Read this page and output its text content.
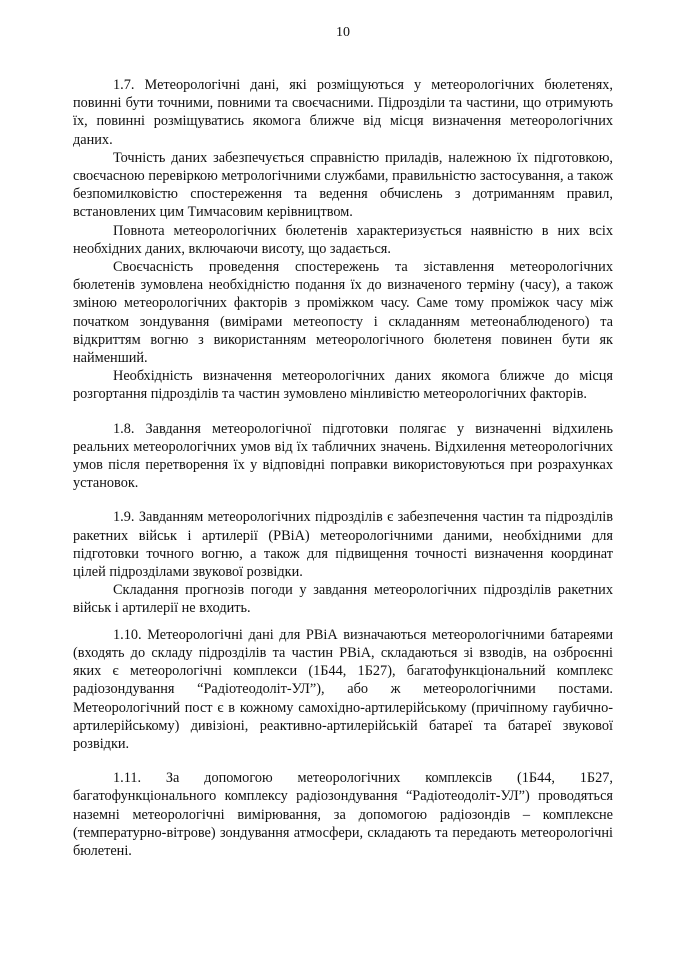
10

1.7. Метеорологічні дані, які розміщуються у метеорологічних бюлетенях, повинні бути точними, повними та своєчасними. Підрозділи та частини, що отримують їх, повинні розміщуватись якомога ближче від місця визначення метеорологічних даних.

Точність даних забезпечується справністю приладів, належною їх підготовкою, своєчасною перевіркою метрологічними службами, правильністю застосування, а також безпомилковістю спостереження та ведення обчислень з дотриманням правил, встановлених цим Тимчасовим керівництвом.

Повнота метеорологічних бюлетенів характеризується наявністю в них всіх необхідних даних, включаючи висоту, що задається.

Своєчасність проведення спостережень та зіставлення метеорологічних бюлетенів зумовлена необхідністю подання їх до визначеного терміну (часу), а також зміною метеорологічних факторів з проміжком часу. Саме тому проміжок часу між початком зондування (вимірами метеопосту і складанням метеонаблюденого) та відкриттям вогню з використанням метеорологічного бюлетеня повинен бути як найменший.

Необхідність визначення метеорологічних даних якомога ближче до місця розгортання підрозділів та частин зумовлено мінливістю метеорологічних факторів.

1.8. Завдання метеорологічної підготовки полягає у визначенні відхилень реальних метеорологічних умов від їх табличних значень. Відхилення метеорологічних умов після перетворення їх у відповідні поправки використовуються при розрахунках установок.

1.9. Завданням метеорологічних підрозділів є забезпечення частин та підрозділів ракетних військ і артилерії (РВіА) метеорологічними даними, необхідними для підготовки точного вогню, а також для підвищення точності визначення координат цілей підрозділами звукової розвідки.

Складання прогнозів погоди у завдання метеорологічних підрозділів ракетних військ і артилерії не входить.

1.10. Метеорологічні дані для РВіА визначаються метеорологічними батареями (входять до складу підрозділів та частин РВіА, складаються зі взводів, на озброєнні яких є метеорологічні комплекси (1Б44, 1Б27), багатофункціональний комплекс радіозондування “Радіотеодоліт-УЛ”), або ж метеорологічними постами. Метеорологічний пост є в кожному самохідно-артилерійському (причіпному гаубично-артилерійському) дивізіоні, реактивно-артилерійській батареї та батареї звукової розвідки.

1.11. За допомогою метеорологічних комплексів (1Б44, 1Б27, багатофункціонального комплексу радіозондування “Радіотеодоліт-УЛ”) проводяться наземні метеорологічні вимірювання, за допомогою радіозондів – комплексне (температурно-вітрове) зондування атмосфери, складають та передають метеорологічні бюлетені.
